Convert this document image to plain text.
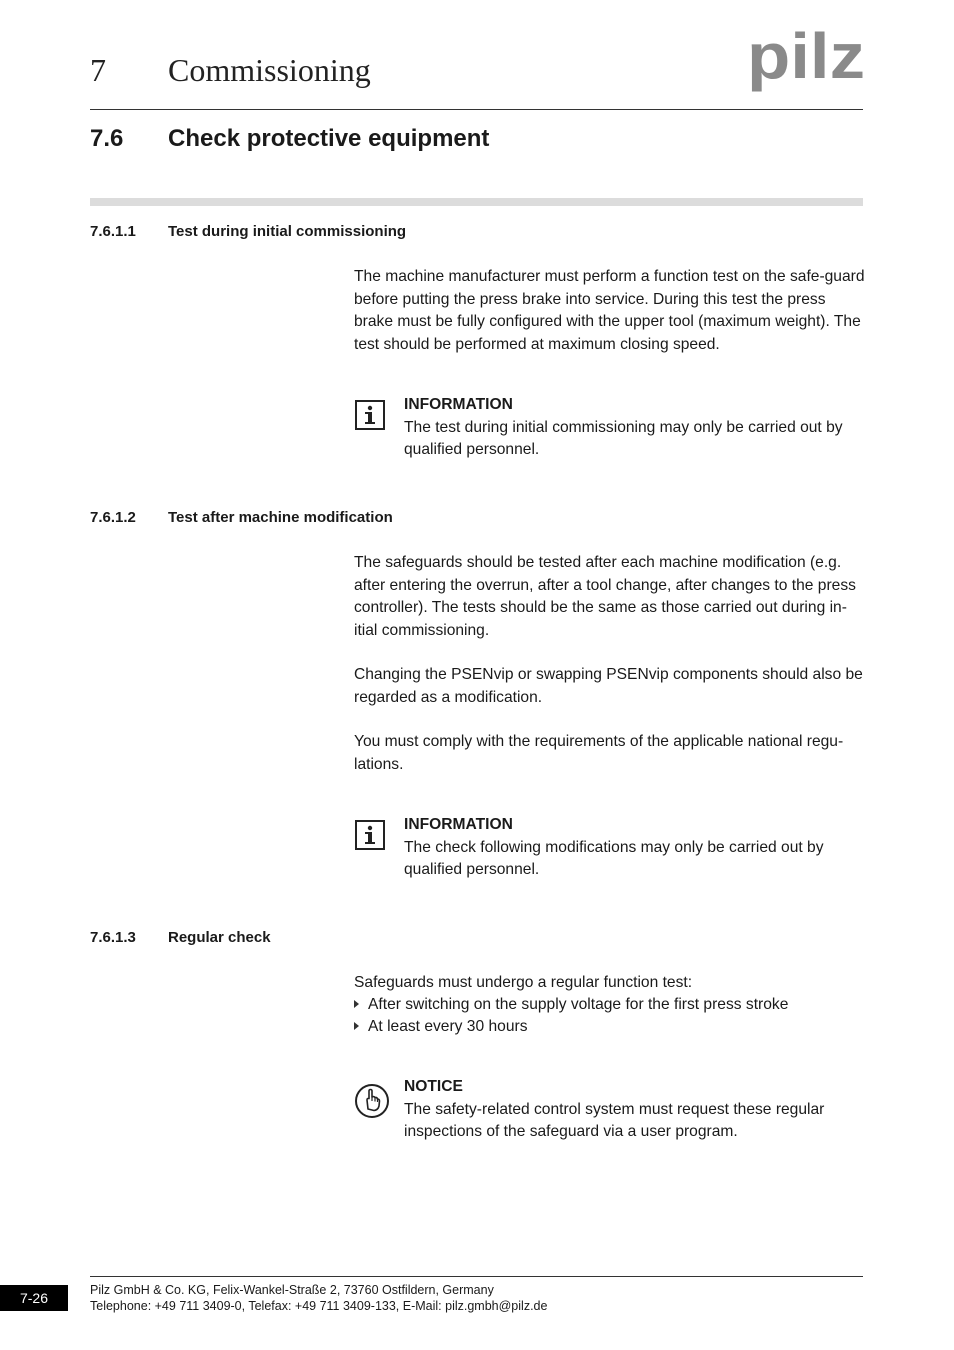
7 Commissioning	pilz
7.6 Check protective equipment
7.6.1.1 Test during initial commissioning
The machine manufacturer must perform a function test on the safe-guard before putting the press brake into service. During this test the press brake must be fully configured with the upper tool (maximum weight). The test should be performed at maximum closing speed.
INFORMATION
The test during initial commissioning may only be carried out by qualified personnel.
7.6.1.2 Test after machine modification
The safeguards should be tested after each machine modification (e.g. after entering the overrun, after a tool change, after changes to the press controller). The tests should be the same as those carried out during in-itial commissioning.
Changing the PSENvip or swapping PSENvip components should also be regarded as a modification.
You must comply with the requirements of the applicable national regu-lations.
INFORMATION
The check following modifications may only be carried out by qualified personnel.
7.6.1.3 Regular check
Safeguards must undergo a regular function test:
After switching on the supply voltage for the first press stroke
At least every 30 hours
NOTICE
The safety-related control system must request these regular inspections of the safeguard via a user program.
7-26	Pilz GmbH & Co. KG, Felix-Wankel-Straße 2, 73760 Ostfildern, Germany
Telephone: +49 711 3409-0, Telefax: +49 711 3409-133, E-Mail: pilz.gmbh@pilz.de
